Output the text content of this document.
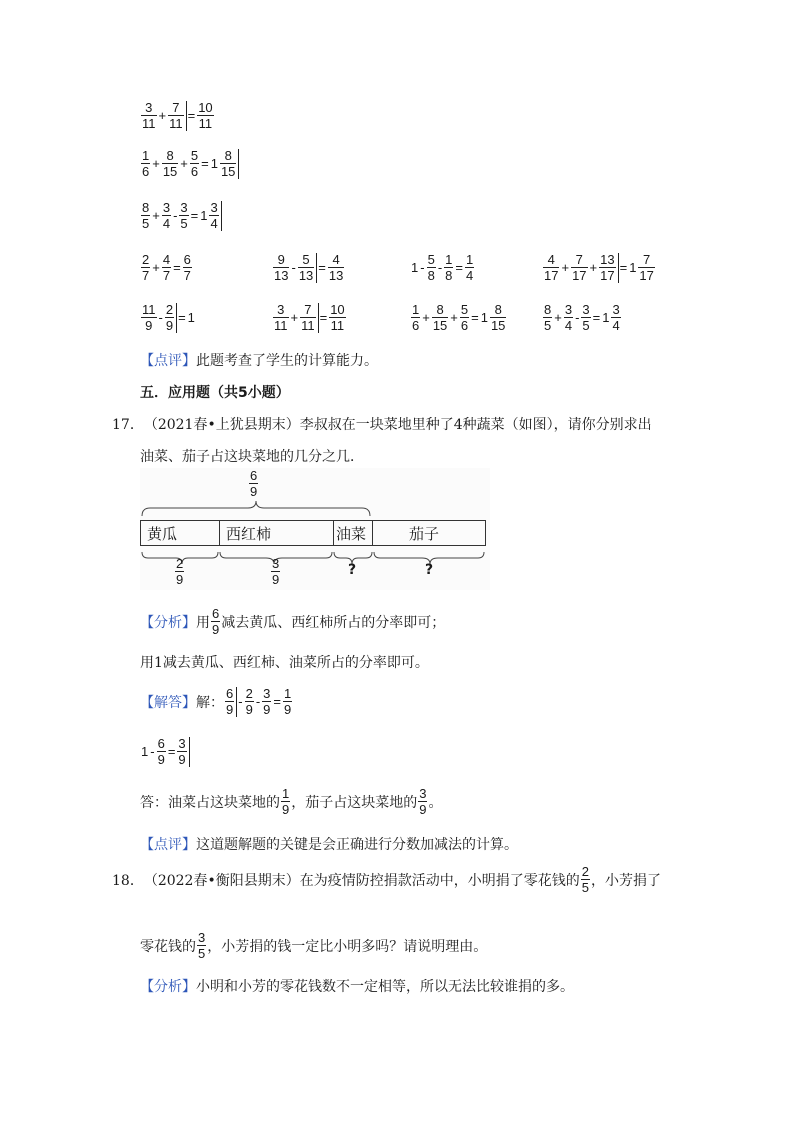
$\frac{3}{11} + \frac{7}{11} = \frac{10}{11}$
$\frac{1}{6} + \frac{8}{15} + \frac{5}{6} = 1 \frac{8}{15}$
$\frac{8}{5} + \frac{3}{4} - \frac{3}{5} = 1 \frac{3}{4}$
$\frac{2}{7} + \frac{4}{7} = \frac{6}{7}$	$\frac{9}{13} - \frac{5}{13} = \frac{4}{13}$	$1 - \frac{5}{8} - \frac{1}{8} = \frac{1}{4}$	$\frac{4}{17} + \frac{7}{17} + \frac{13}{17} = 1 \frac{7}{17}$
$\frac{11}{9} - \frac{2}{9} = 1$	$\frac{3}{11} + \frac{7}{11} = \frac{10}{11}$	$\frac{1}{6} + \frac{8}{15} + \frac{5}{6} = 1 \frac{8}{15}$	$\frac{8}{5} + \frac{3}{4} - \frac{3}{5} = 1 \frac{3}{4}$
【点评】 此题考查了学生的计算能力。
五．应用题（共5小题）
17． （2021春•上犹县期末）李叔叔在一块菜地里种了4种蔬菜（如图），请你分别求出
油菜、茄子占这块菜地的几分之几．
6
9
黄瓜	西红柿	油菜	茄子
2
9
3
9
?	?
【分析】 用 $\frac{6}{9}$ 减去黄瓜、西红柿所占的分率即可；
用1减去黄瓜、西红柿、油菜所占的分率即可。
【解答】 解： $\frac{6}{9} - \frac{2}{9} - \frac{3}{9} = \frac{1}{9}$
$1 - \frac{6}{9} = \frac{3}{9}$
答：油菜占这块菜地的 $\frac{1}{9}$ ，茄子占这块菜地的 $\frac{3}{9}$ 。
【点评】 这道题解题的关键是会正确进行分数加减法的计算。
18． （2022春•衡阳县期末）在为疫情防控捐款活动中，小明捐了零花钱的 $\frac{2}{5}$ ，小芳捐了
零花钱的 $\frac{3}{5}$ ，小芳捐的钱一定比小明多吗？请说明理由。
【分析】 小明和小芳的零花钱数不一定相等，所以无法比较谁捐的多。
